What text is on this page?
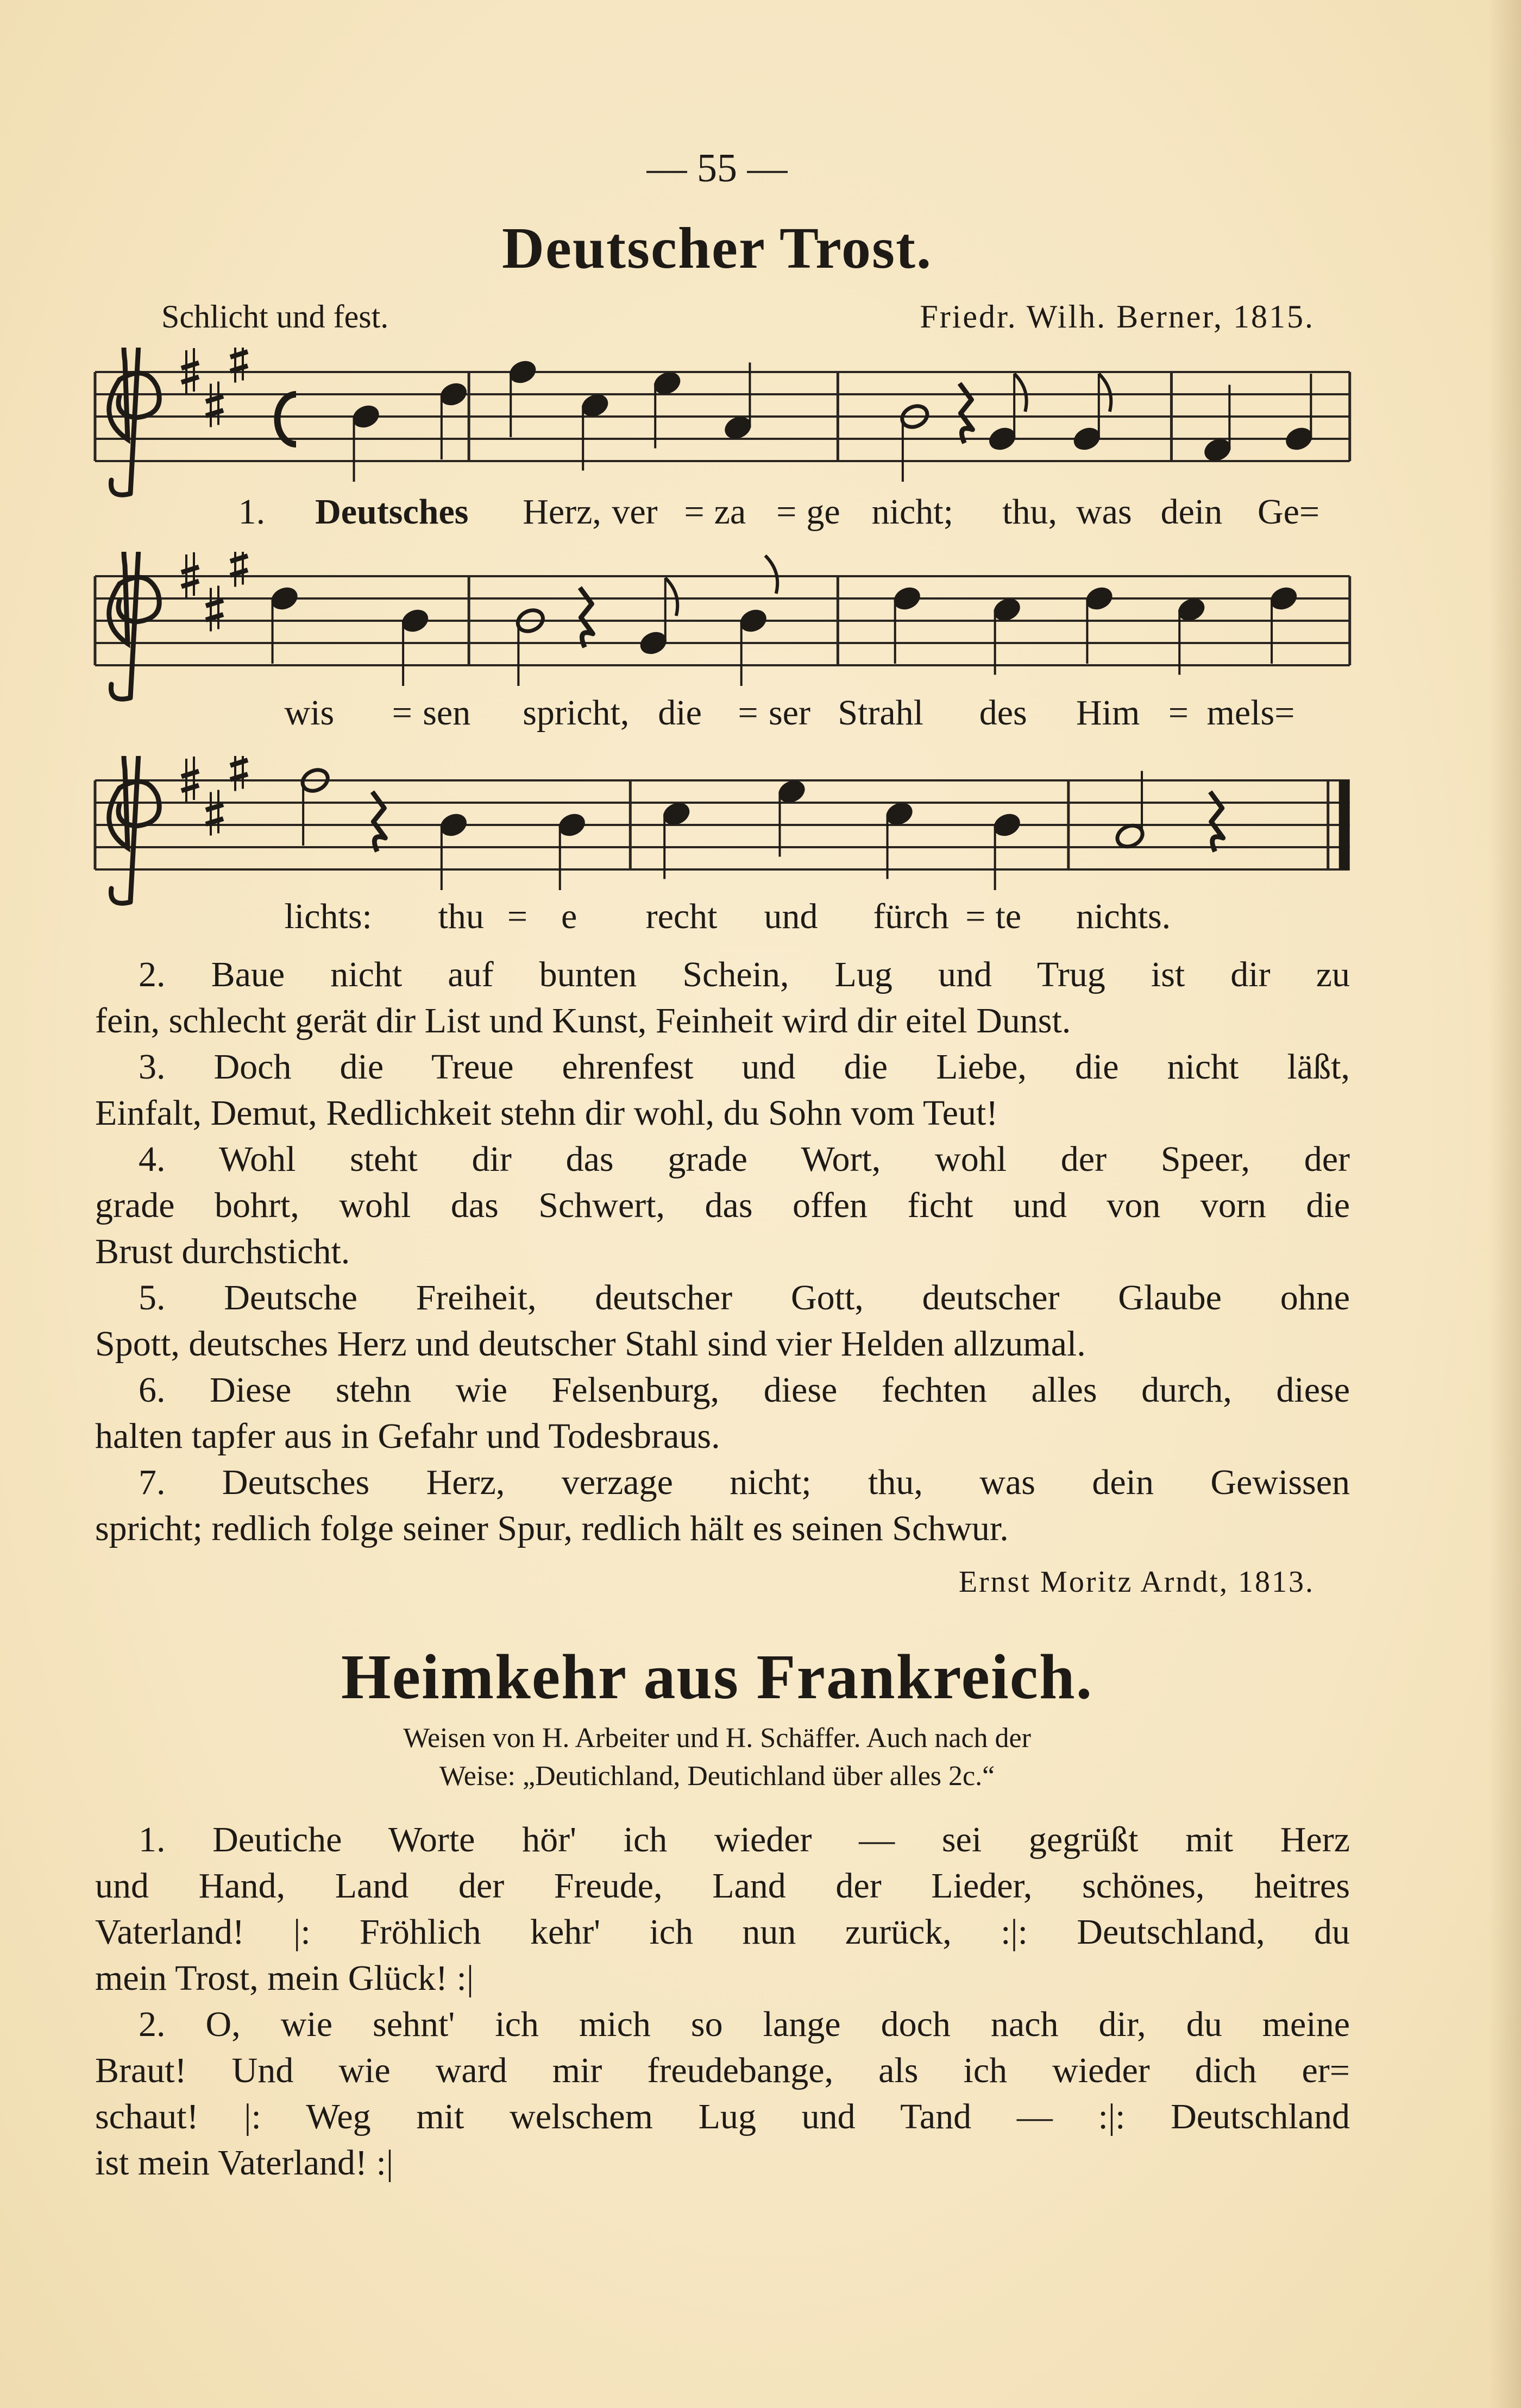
— 55 —
Deutscher Trost.
Schlicht und fest.	Friedr. Wilh. Berner, 1815.
1. Deutsches Herz, ver = za = ge nicht; thu, was dein Ge=
wis = sen spricht, die = ser Strahl des Him = mels=
lichts: thu = e recht und fürch = te nichts.
2. Baue nicht auf bunten Schein, Lug und Trug ist dir zu
fein, schlecht gerät dir List und Kunst, Feinheit wird dir eitel Dunst.
3. Doch die Treue ehrenfest und die Liebe, die nicht läßt,
Einfalt, Demut, Redlichkeit stehn dir wohl, du Sohn vom Teut!
4. Wohl steht dir das grade Wort, wohl der Speer, der
grade bohrt, wohl das Schwert, das offen ficht und von vorn die
Brust durchsticht.
5. Deutsche Freiheit, deutscher Gott, deutscher Glaube ohne
Spott, deutsches Herz und deutscher Stahl sind vier Helden allzumal.
6. Diese stehn wie Felsenburg, diese fechten alles durch, diese
halten tapfer aus in Gefahr und Todesbraus.
7. Deutsches Herz, verzage nicht; thu, was dein Gewissen
spricht; redlich folge seiner Spur, redlich hält es seinen Schwur.
Ernst Moritz Arndt, 1813.
Heimkehr aus Frankreich.
Weisen von H. Arbeiter und H. Schäffer. Auch nach der
Weise: „Deutichland, Deutichland über alles 2c.“
1. Deutiche Worte hör' ich wieder — sei gegrüßt mit Herz
und Hand, Land der Freude, Land der Lieder, schönes, heitres
Vaterland! |: Fröhlich kehr' ich nun zurück, :|: Deutschland, du
mein Trost, mein Glück! :|
2. O, wie sehnt' ich mich so lange doch nach dir, du meine
Braut! Und wie ward mir freudebange, als ich wieder dich er=
schaut! |: Weg mit welschem Lug und Tand — :|: Deutschland
ist mein Vaterland! :|
